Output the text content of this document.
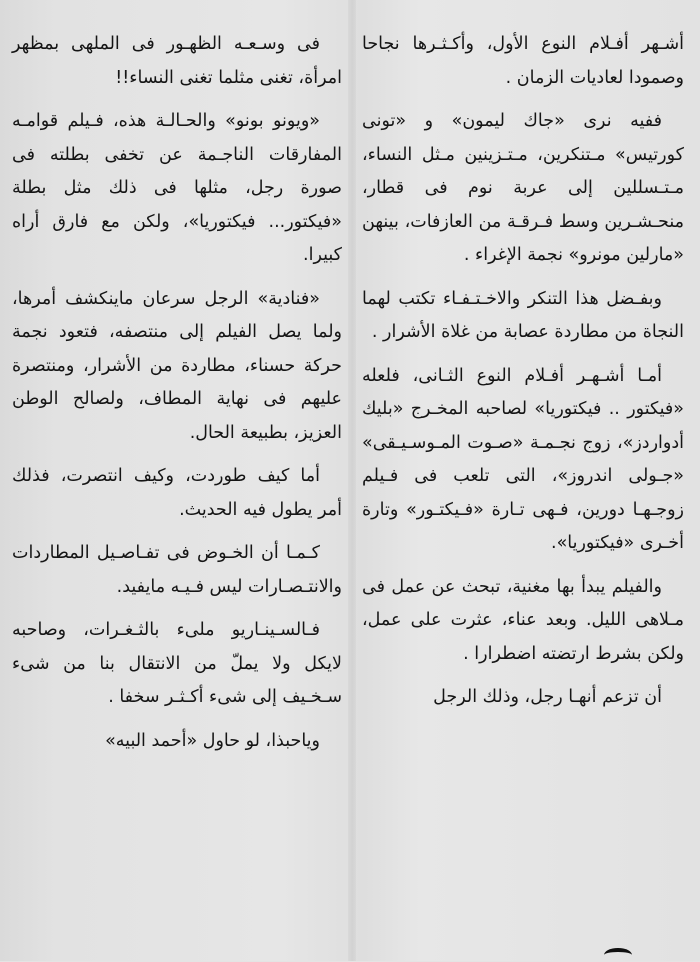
أشـهر أفـلام النوع الأول، وأكـثـرها نجاحا وصمودا لعاديات الزمان .

ففيه نرى «جاك ليمون» و «تونى كورتيس» مـتنكرين، مـتـزينين مـثل النساء، مـتـسللين إلى عربة نوم فى قطار، منحـشـرين وسط فـرقـة من العازفات، بينهن «مارلين مونرو» نجمة الإغراء .

وبفـضل هذا التنكر والاخـتـفـاء تكتب لهما النجاة من مطاردة عصابة من غلاة الأشرار .

أمـا أشـهـر أفـلام النوع الثـانى، فلعله «فيكتور .. فيكتوريا» لصاحبه المخـرج «بليك أدواردز»، زوج نجـمـة «صـوت المـوسـيـقى» «جـولى اندروز»، التى تلعب فى فـيلم زوجـهـا دورين، فـهى تـارة «فـيكتـور» وتارة أخـرى «فيكتوريا».

والفيلم يبدأ بها مغنية، تبحث عن عمل فى مـلاهى الليل. وبعد عناء، عثرت على عمل، ولكن بشرط ارتضته اضطرارا .

أن تزعم أنهـا رجل، وذلك الرجل

فى وسـعـه الظهـور فى الملهى بمظهر امرأة، تغنى مثلما تغنى النساء!!

«ويونو بونو» والحـالـة هذه، فـيلم قوامـه المفارقات الناجـمة عن تخفى بطلته فى صورة رجل، مثلها فى ذلك مثل بطلة «فيكتور... فيكتوريا»، ولكن مع فارق أراه كبيرا.

«فنادية» الرجل سرعان ماينكشف أمرها، ولما يصل الفيلم إلى منتصفه، فتعود نجمة حركة حسناء، مطاردة من الأشرار، ومنتصرة عليهم فى نهاية المطاف، ولصالح الوطن العزيز، بطبيعة الحال.

أما كيف طوردت، وكيف انتصرت، فذلك أمر يطول فيه الحديث.

كـمـا أن الخـوض فى تفـاصـيل المطاردات والانتـصـارات ليس فـيـه مايفيد.

فـالسـينـاريو ملىء بالثـغـرات، وصاحبه لايكل ولا يملّ من الانتقال بنا من شىء سـخـيف إلى شىء أكـثـر سخفا .

وياحبذا، لو حاول «أحمد البيه»
